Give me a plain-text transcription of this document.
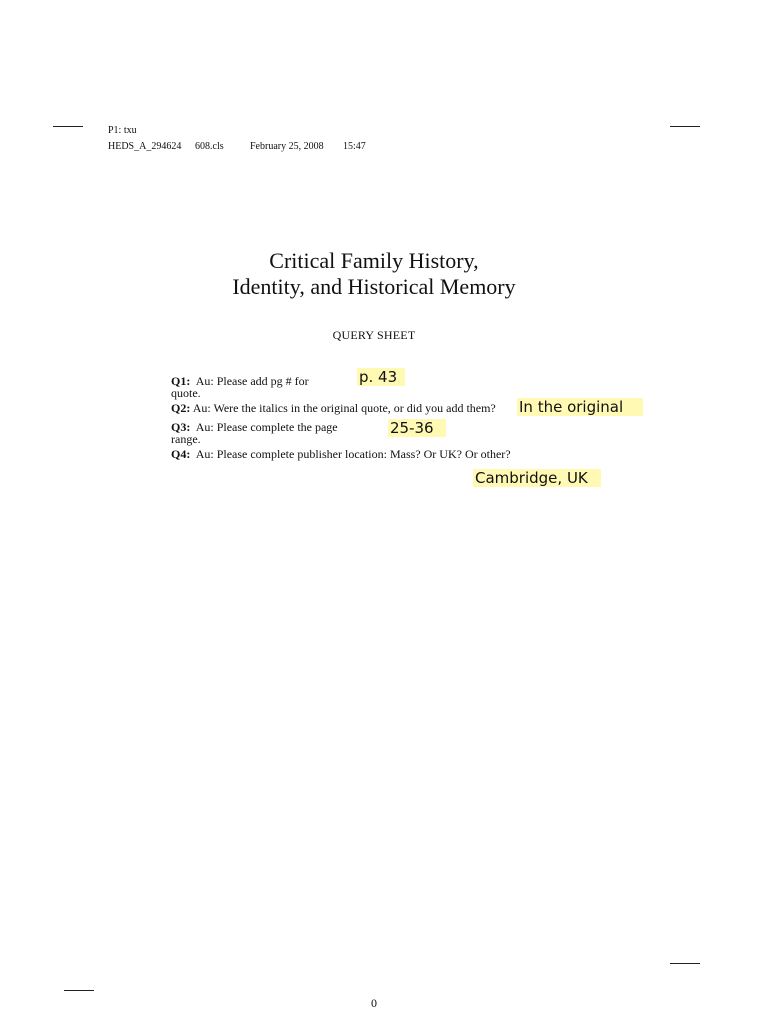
P1: txu
HEDS_A_294624 608.cls	February 25, 2008 15:47
Critical Family History,
Identity, and Historical Memory
QUERY SHEET
Q1: Au: Please add pg # for
quote.
p. 43
Q2: Au: Were the italics in the original quote, or did you add them? In the original
Q3: Au: Please complete the page
range.
25-36
Q4: Au: Please complete publisher location: Mass? Or UK? Or other?
Cambridge, UK
0
